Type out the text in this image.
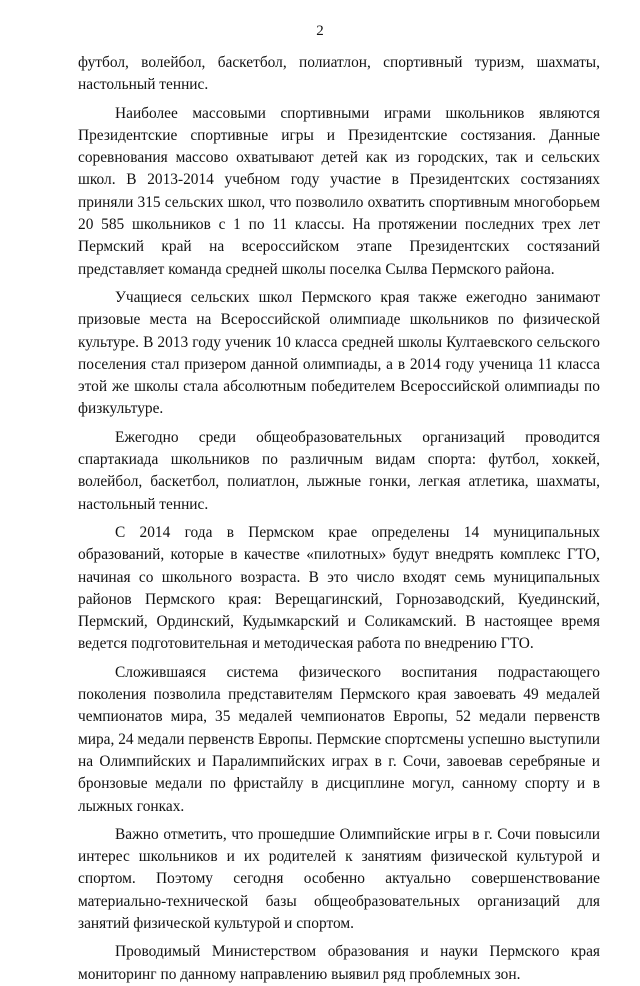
2

футбол, волейбол, баскетбол, полиатлон, спортивный туризм, шахматы, настольный теннис.

Наиболее массовыми спортивными играми школьников являются Президентские спортивные игры и Президентские состязания. Данные соревнования массово охватывают детей как из городских, так и сельских школ. В 2013-2014 учебном году участие в Президентских состязаниях приняли 315 сельских школ, что позволило охватить спортивным многоборьем 20 585 школьников с 1 по 11 классы. На протяжении последних трех лет Пермский край на всероссийском этапе Президентских состязаний представляет команда средней школы поселка Сылва Пермского района.

Учащиеся сельских школ Пермского края также ежегодно занимают призовые места на Всероссийской олимпиаде школьников по физической культуре. В 2013 году ученик 10 класса средней школы Култаевского сельского поселения стал призером данной олимпиады, а в 2014 году ученица 11 класса этой же школы стала абсолютным победителем Всероссийской олимпиады по физкультуре.

Ежегодно среди общеобразовательных организаций проводится спартакиада школьников по различным видам спорта: футбол, хоккей, волейбол, баскетбол, полиатлон, лыжные гонки, легкая атлетика, шахматы, настольный теннис.

С 2014 года в Пермском крае определены 14 муниципальных образований, которые в качестве «пилотных» будут внедрять комплекс ГТО, начиная со школьного возраста. В это число входят семь муниципальных районов Пермского края: Верещагинский, Горнозаводский, Куединский, Пермский, Ординский, Кудымкарский и Соликамский. В настоящее время ведется подготовительная и методическая работа по внедрению ГТО.

Сложившаяся система физического воспитания подрастающего поколения позволила представителям Пермского края завоевать 49 медалей чемпионатов мира, 35 медалей чемпионатов Европы, 52 медали первенств мира, 24 медали первенств Европы. Пермские спортсмены успешно выступили на Олимпийских и Паралимпийских играх в г. Сочи, завоевав серебряные и бронзовые медали по фристайлу в дисциплине могул, санному спорту и в лыжных гонках.

Важно отметить, что прошедшие Олимпийские игры в г. Сочи повысили интерес школьников и их родителей к занятиям физической культурой и спортом. Поэтому сегодня особенно актуально совершенствование материально-технической базы общеобразовательных организаций для занятий физической культурой и спортом.

Проводимый Министерством образования и науки Пермского края мониторинг по данному направлению выявил ряд проблемных зон.
